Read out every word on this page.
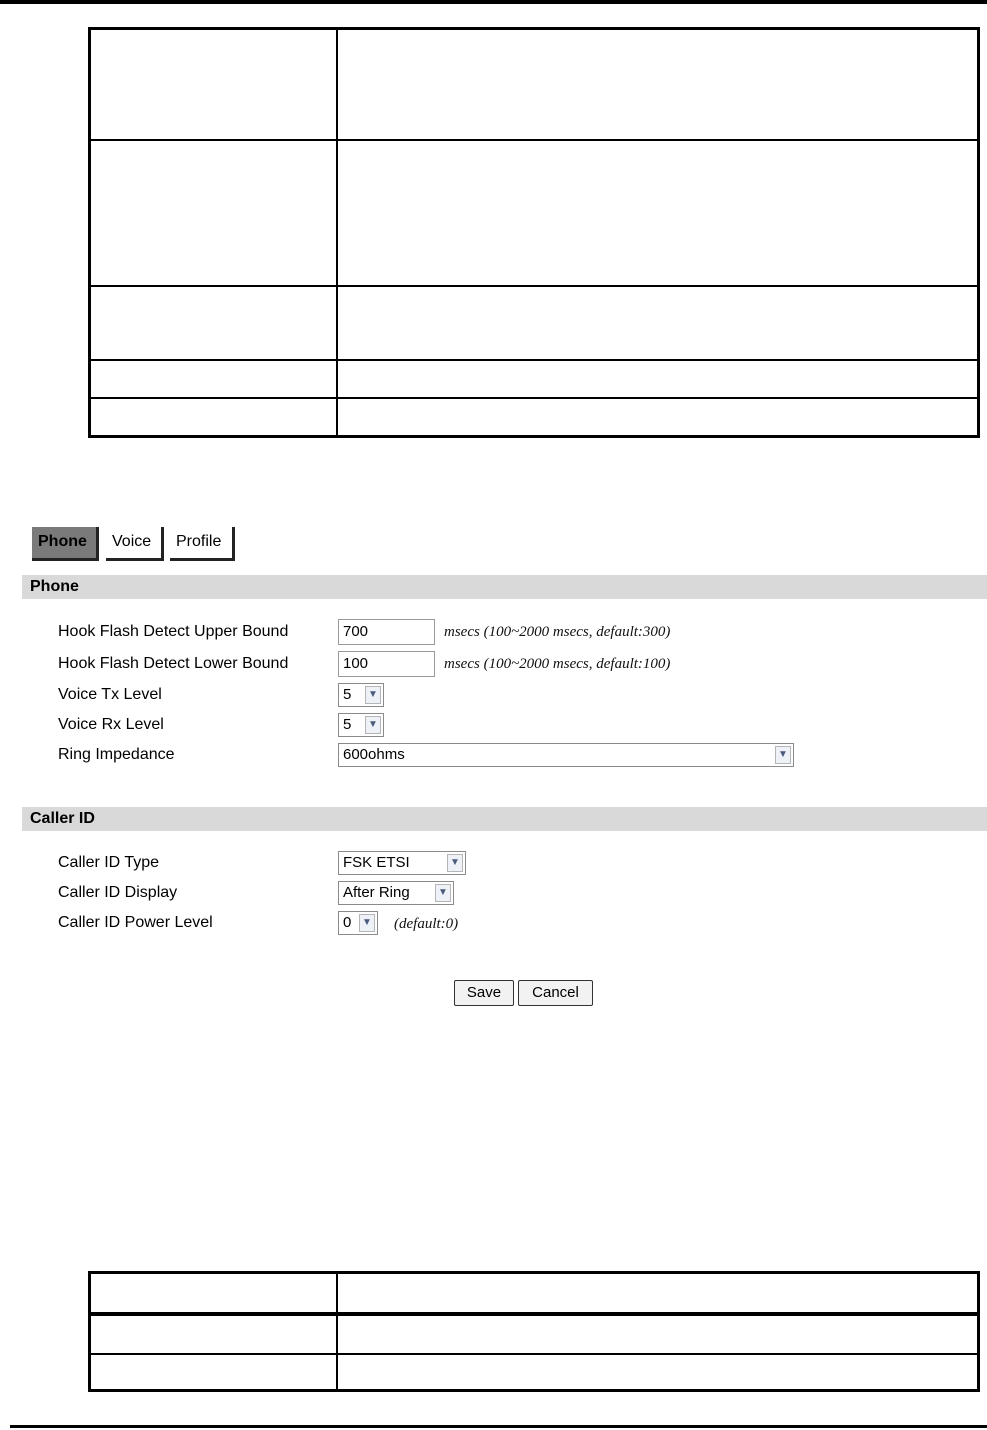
Phone	Voice	Profile
Phone
Hook Flash Detect Upper Bound	700	msecs (100~2000 msecs, default:300)
Hook Flash Detect Lower Bound	100	msecs (100~2000 msecs, default:100)
Voice Tx Level	5	▼
Voice Rx Level	5	▼
Ring Impedance	600ohms	▼
Caller ID
Caller ID Type	FSK ETSI	▼
Caller ID Display	After Ring	▼
Caller ID Power Level	0	▼ (default:0)
Save	Cancel
